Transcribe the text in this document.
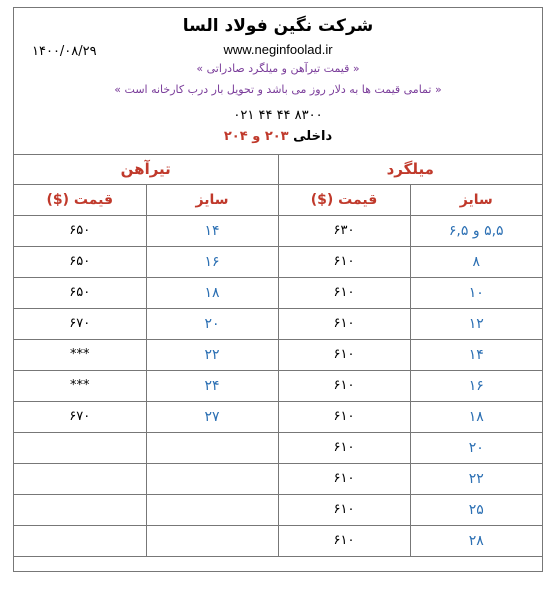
شرکت نگین فولاد السا
www.neginfoolad.ir
« قیمت تیرآهن و میلگرد صادراتی »
« تمامی قیمت ها به دلار روز می باشد و تحویل بار درب کارخانه است »
۰۲۱ ۴۴ ۴۴ ۸۳۰۰
داخلی ۲۰۳ و ۲۰۴
۱۴۰۰/۰۸/۲۹
میلگرد		تیرآهن	
سایز	قیمت ($)	سایز	قیمت ($)
۵,۵ و ۶,۵	۶۳۰	۱۴	۶۵۰
۸	۶۱۰	۱۶	۶۵۰
۱۰	۶۱۰	۱۸	۶۵۰
۱۲	۶۱۰	۲۰	۶۷۰
۱۴	۶۱۰	۲۲	***
۱۶	۶۱۰	۲۴	***
۱۸	۶۱۰	۲۷	۶۷۰
۲۰	۶۱۰		
۲۲	۶۱۰		
۲۵	۶۱۰		
۲۸	۶۱۰		
